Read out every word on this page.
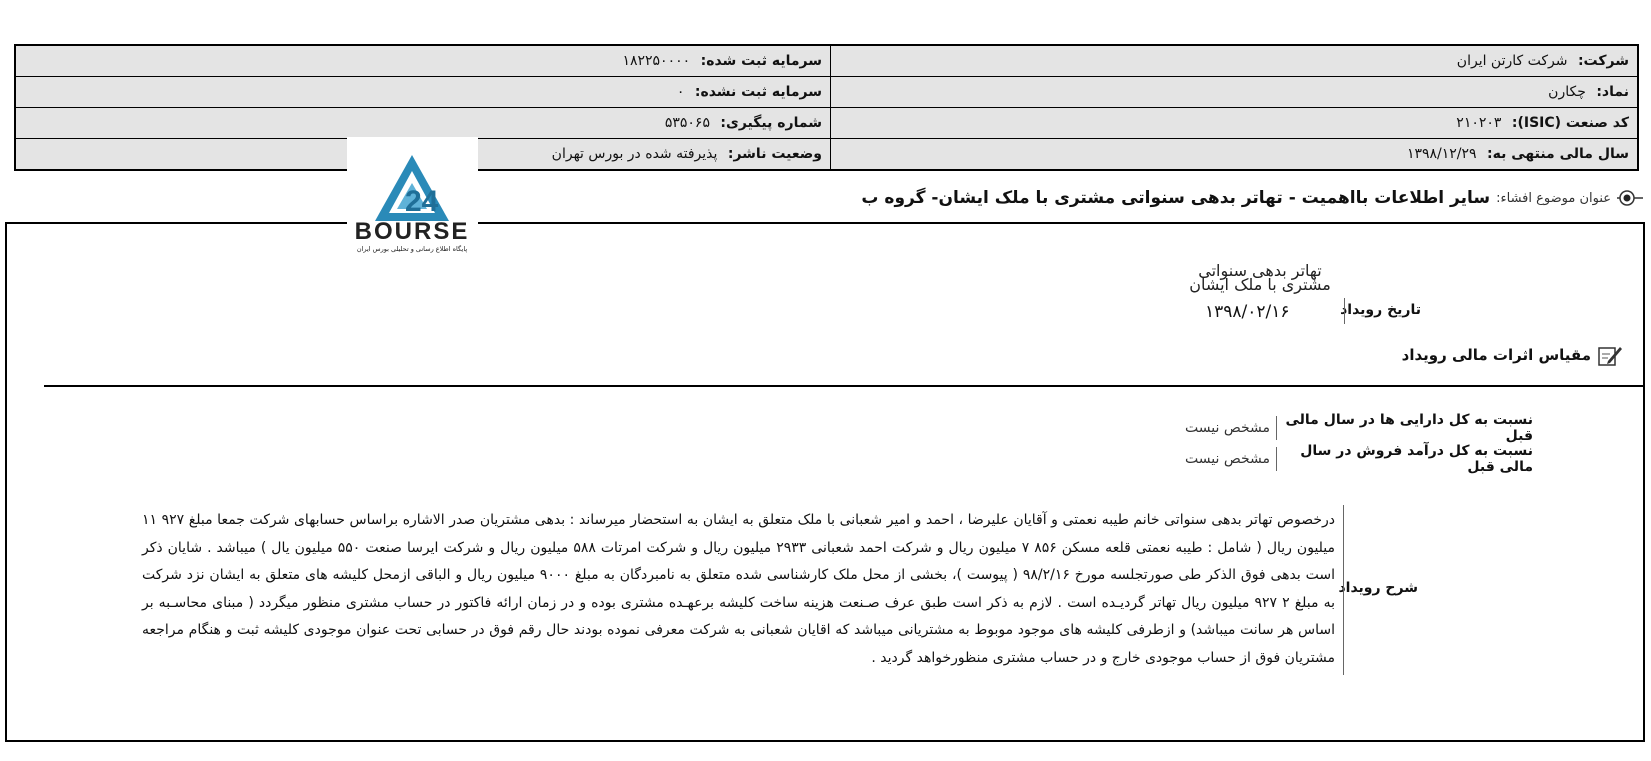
شرکت: شرکت کارتن ایران	سرمایه ثبت شده: ۱۸۲۲۵۰۰۰۰
نماد: چکارن	سرمایه ثبت نشده: ۰
کد صنعت (ISIC): ۲۱۰۲۰۳	شماره پیگیری: ۵۳۵۰۶۵
سال مالی منتهی به: ۱۳۹۸/۱۲/۲۹	وضعیت ناشر: پذیرفته شده در بورس تهران
عنوان موضوع افشاء:
سایر اطلاعات بااهمیت - تهاتر بدهی سنواتی مشتری با ملک ایشان- گروه ب
24
BOURSE
پایگاه اطلاع رسانی و تحلیلی بورس ایران
تهاتر بدهی سنواتی
مشتری با ملک ایشان
تاریخ رویداد
۱۳۹۸/۰۲/۱۶
مقیاس اثرات مالی رویداد
نسبت به کل دارایی ها در سال مالی قبل
مشخص نیست
نسبت به کل درآمد فروش در سال مالی قبل
مشخص نیست
شرح رویداد
درخصوص تهاتر بدهی سنواتی خانم طیبه نعمتی و آقایان علیرضا ، احمد و امیر شعبانی با ملک متعلق به ایشان به استحضار میرساند : بدهی مشتریان صدر الاشاره براساس حسابهای شرکت جمعا مبلغ ۹۲۷ ۱۱ میلیون ریال ( شامل : طیبه نعمتی قلعه مسکن ۸۵۶ ۷ میلیون ریال و شرکت احمد شعبانی ۲۹۳۳ میلیون ریال و شرکت امرتات ۵۸۸ میلیون ریال و شرکت ایرسا صنعت ۵۵۰ میلیون یال ) میباشد . شایان ذکر است بدهی فوق الذکر طی صورتجلسه مورخ ۹۸/۲/۱۶ ( پیوست )، بخشی از محل ملک کارشناسی شده متعلق به نامبردگان به مبلغ ۹۰۰۰ میلیون ریال و الباقی ازمحل کلیشه های متعلق به ایشان نزد شرکت به مبلغ ۲ ۹۲۷ میلیون ریال تهاتر گردیـده است . لازم به ذکر است طبق عرف صـنعت هزینه ساخت کلیشه برعهـده مشتری بوده و در زمان ارائه فاکتور در حساب مشتری منظور میگردد ( مبنای محاسـبه بر اساس هر سانت میباشد) و ازطرفی کلیشه های موجود موبوط به مشتریانی میباشد که اقایان شعبانی به شرکت معرفی نموده بودند حال رقم فوق در حسابی تحت عنوان موجودی کلیشه ثبت و هنگام مراجعه مشتریان فوق از حساب موجودی خارج و در حساب مشتری منظورخواهد گردید .
